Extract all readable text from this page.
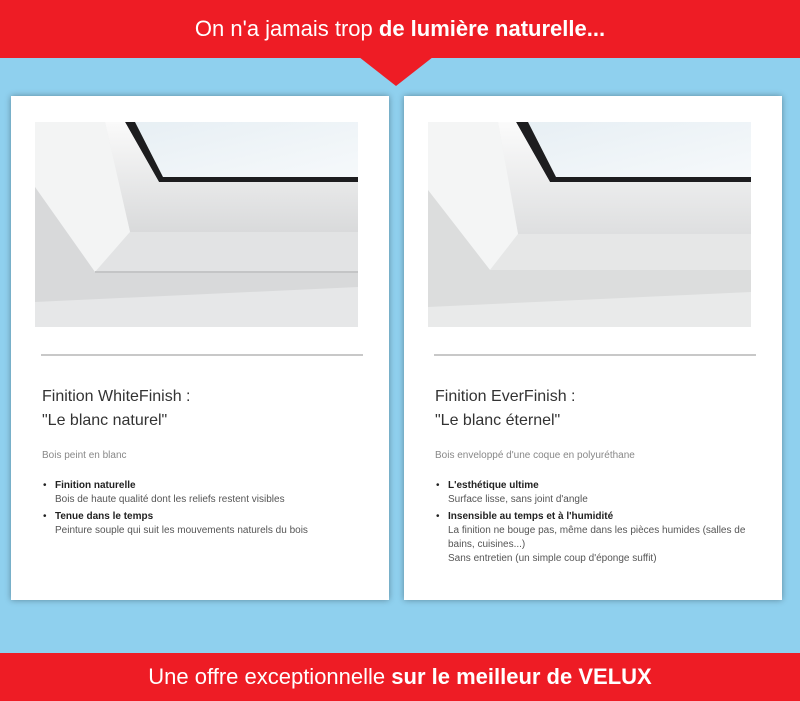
On n'a jamais trop de lumière naturelle...
Finition WhiteFinish :
"Le blanc naturel"
Bois peint en blanc
• Finition naturelle
Bois de haute qualité dont les reliefs restent visibles
• Tenue dans le temps
Peinture souple qui suit les mouvements naturels du bois
Finition EverFinish :
"Le blanc éternel"
Bois enveloppé d'une coque en polyuréthane
• L'esthétique ultime
Surface lisse, sans joint d'angle
• Insensible au temps et à l'humidité
La finition ne bouge pas, même dans les pièces humides (salles de bains, cuisines...)
Sans entretien (un simple coup d'éponge suffit)
Une offre exceptionnelle sur le meilleur de VELUX
